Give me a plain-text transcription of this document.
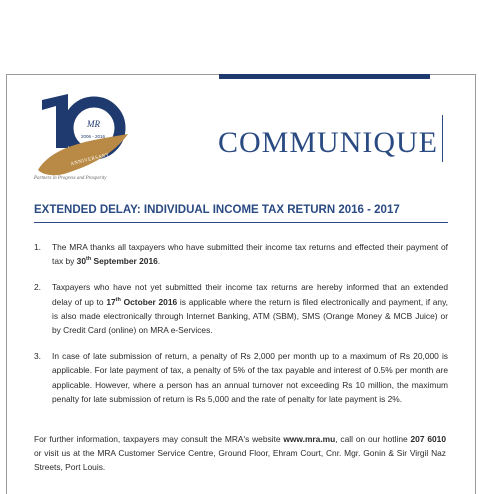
MR
2006 - 2016
ANNIVERSARY
Partners in Progress and Prosperity
COMMUNIQUE
EXTENDED DELAY: INDIVIDUAL INCOME TAX RETURN 2016 - 2017
1. The MRA thanks all taxpayers who have submitted their income tax returns and effected their payment of tax by 30th September 2016.

2. Taxpayers who have not yet submitted their income tax returns are hereby informed that an extended delay of up to 17th October 2016 is applicable where the return is filed electronically and payment, if any, is also made electronically through Internet Banking, ATM (SBM), SMS (Orange Money & MCB Juice) or by Credit Card (online) on MRA e-Services.

3. In case of late submission of return, a penalty of Rs 2,000 per month up to a maximum of Rs 20,000 is applicable. For late payment of tax, a penalty of 5% of the tax payable and interest of 0.5% per month are applicable. However, where a person has an annual turnover not exceeding Rs 10 million, the maximum penalty for late submission of return is Rs 5,000 and the rate of penalty for late payment is 2%.

For further information, taxpayers may consult the MRA's website www.mra.mu, call on our hotline 207 6010 or visit us at the MRA Customer Service Centre, Ground Floor, Ehram Court, Cnr. Mgr. Gonin & Sir Virgil Naz Streets, Port Louis.
